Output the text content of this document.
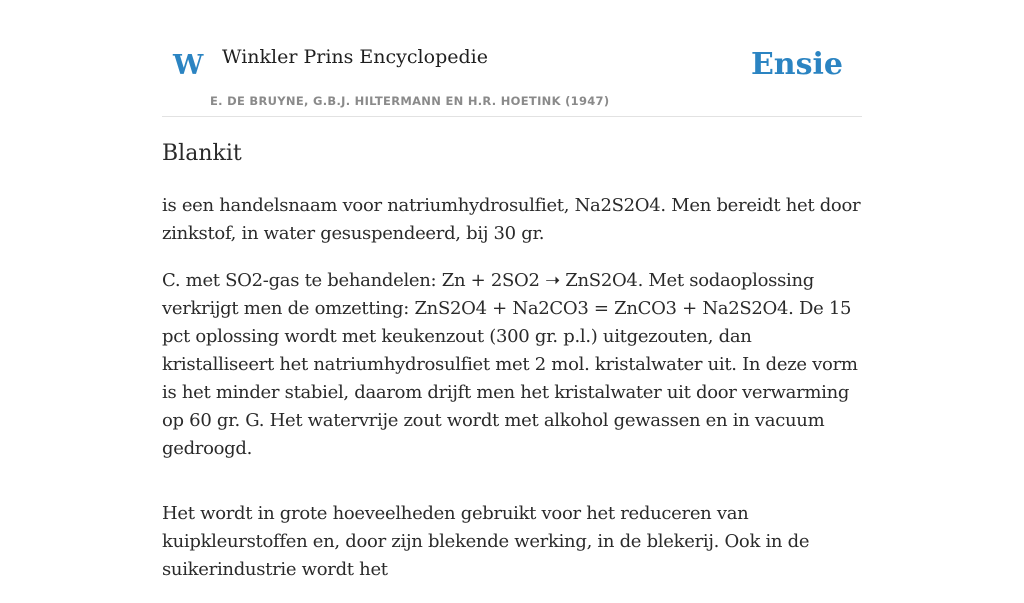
W Winkler Prins Encyclopedie
E. DE BRUYNE, G.B.J. HILTERMANN EN H.R. HOETINK (1947)
Ensie
Blankit

is een handelsnaam voor natriumhydrosulfiet, Na2S2O4. Men bereidt het door zinkstof, in water gesuspendeerd, bij 30 gr.

C. met SO2-gas te behandelen: Zn + 2SO2 ➝ ZnS2O4. Met sodaoplossing verkrijgt men de omzetting: ZnS2O4 + Na2CO3 = ZnCO3 + Na2S2O4. De 15 pct oplossing wordt met keukenzout (300 gr. p.l.) uitgezouten, dan kristalliseert het natriumhydrosulfiet met 2 mol. kristalwater uit. In deze vorm is het minder stabiel, daarom drijft men het kristalwater uit door verwarming op 60 gr. G. Het watervrije zout wordt met alkohol gewassen en in vacuum gedroogd.

Het wordt in grote hoeveelheden gebruikt voor het reduceren van kuipkleurstoffen en, door zijn blekende werking, in de blekerij. Ook in de suikerindustrie wordt het
